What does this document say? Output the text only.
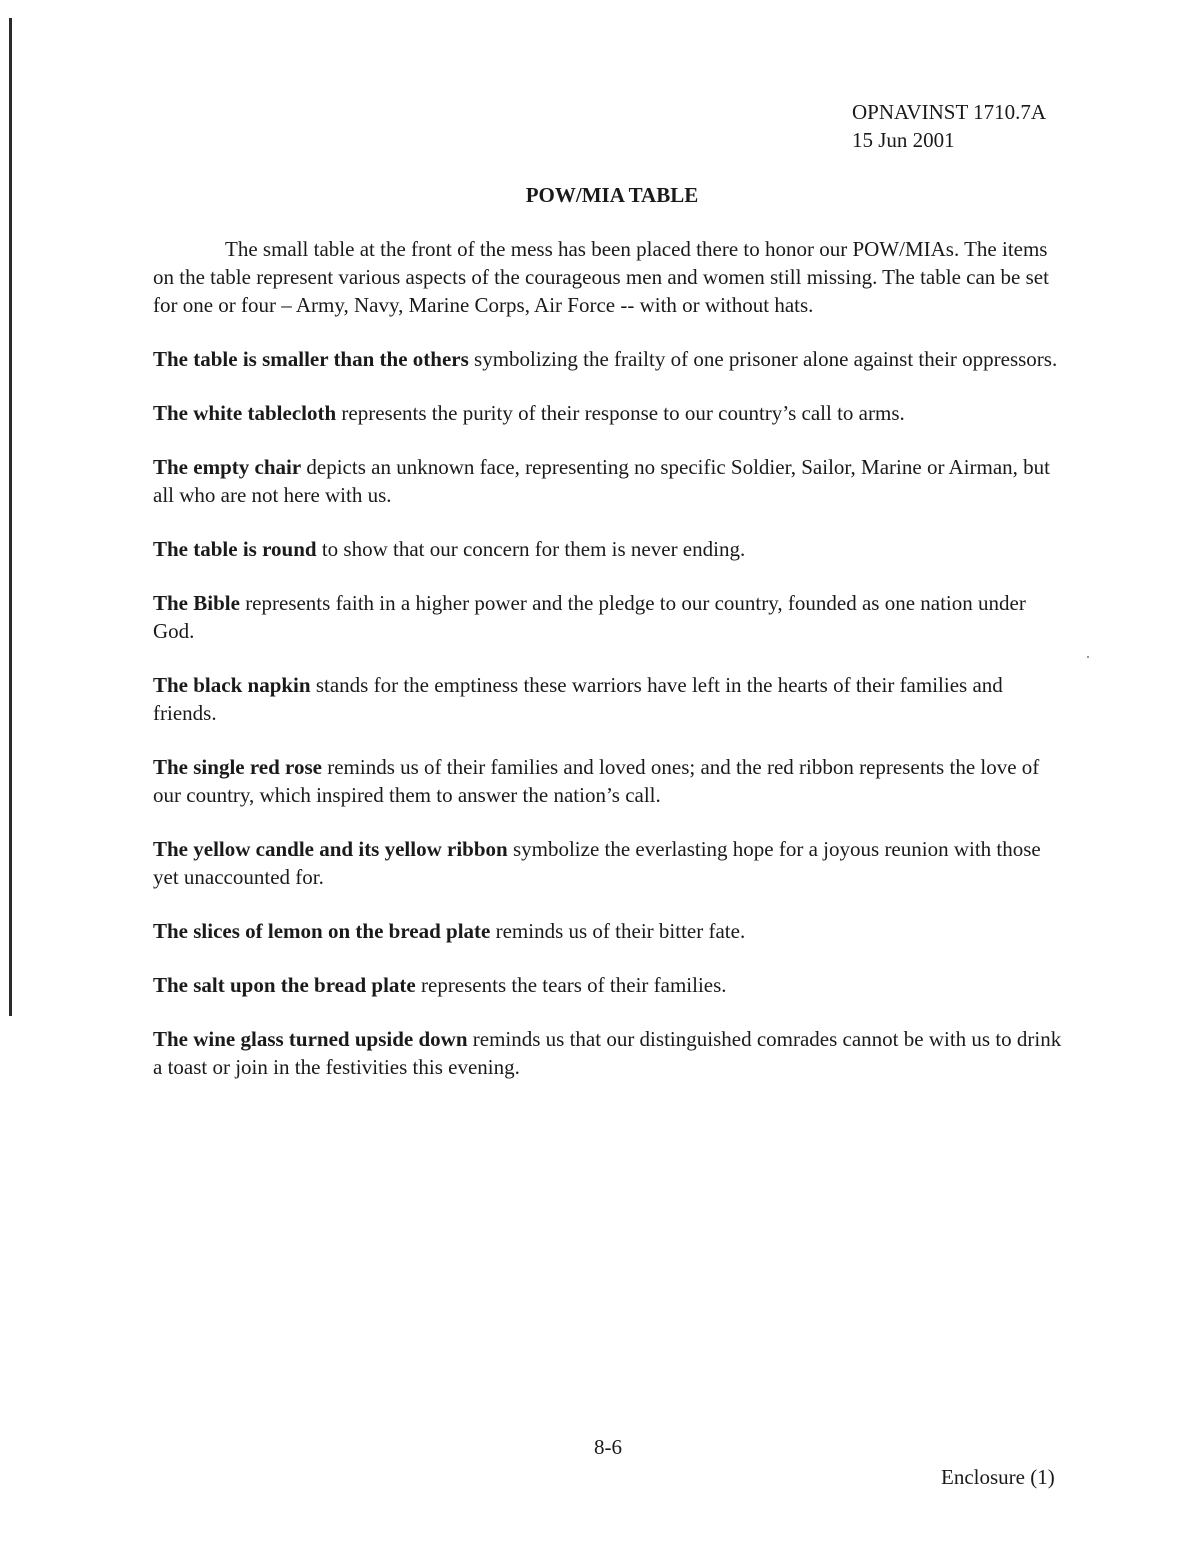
OPNAVINST 1710.7A
15 Jun 2001
POW/MIA TABLE

The small table at the front of the mess has been placed there to honor our POW/MIAs. The items on the table represent various aspects of the courageous men and women still missing. The table can be set for one or four – Army, Navy, Marine Corps, Air Force -- with or without hats.

The table is smaller than the others symbolizing the frailty of one prisoner alone against their oppressors.

The white tablecloth represents the purity of their response to our country’s call to arms.

The empty chair depicts an unknown face, representing no specific Soldier, Sailor, Marine or Airman, but all who are not here with us.

The table is round to show that our concern for them is never ending.

The Bible represents faith in a higher power and the pledge to our country, founded as one nation under God.

The black napkin stands for the emptiness these warriors have left in the hearts of their families and friends.

The single red rose reminds us of their families and loved ones; and the red ribbon represents the love of our country, which inspired them to answer the nation’s call.

The yellow candle and its yellow ribbon symbolize the everlasting hope for a joyous reunion with those yet unaccounted for.

The slices of lemon on the bread plate reminds us of their bitter fate.

The salt upon the bread plate represents the tears of their families.

The wine glass turned upside down reminds us that our distinguished comrades cannot be with us to drink a toast or join in the festivities this evening.

8-6
Enclosure (1)
